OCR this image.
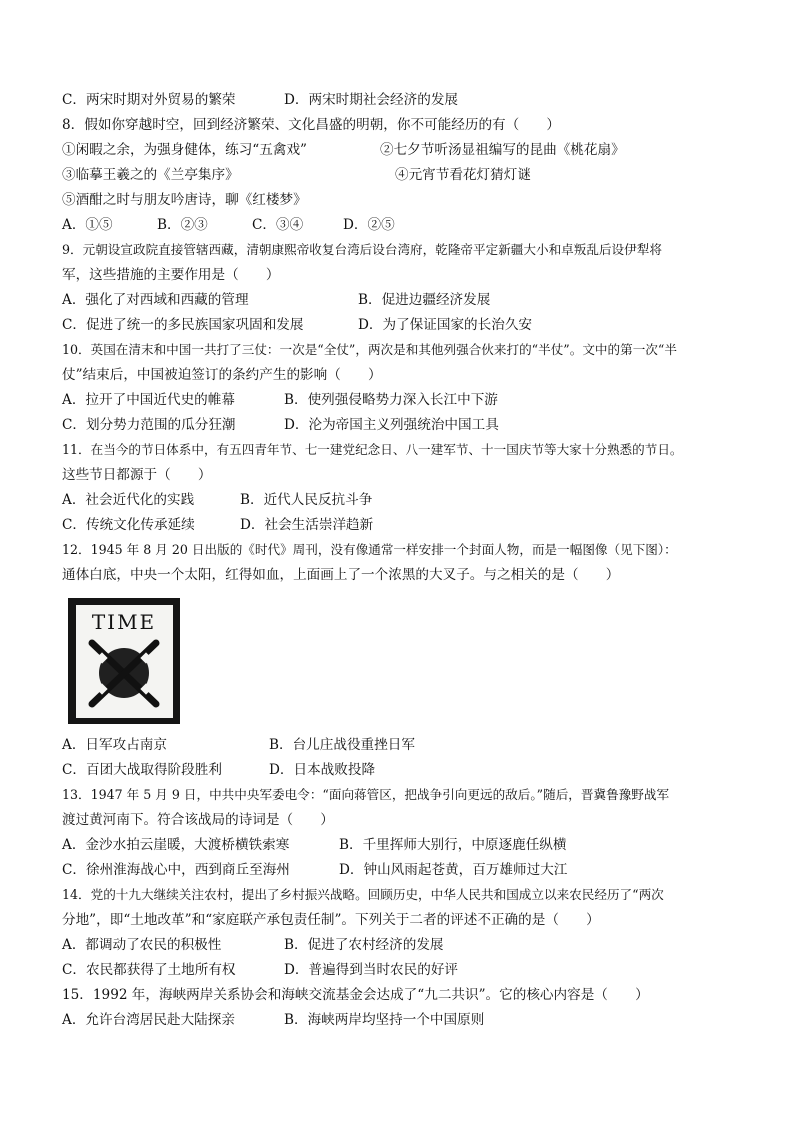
C．两宋时期对外贸易的繁荣	D．两宋时期社会经济的发展
8．假如你穿越时空，回到经济繁荣、文化昌盛的明朝，你不可能经历的有（　　）
①闲暇之余，为强身健体，练习“五禽戏”	②七夕节听汤显祖编写的昆曲《桃花扇》
③临摹王羲之的《兰亭集序》	④元宵节看花灯猜灯谜
⑤酒酣之时与朋友吟唐诗，聊《红楼梦》
A．①⑤	B．②③	C．③④	D．②⑤
9．元朝设宣政院直接管辖西藏，清朝康熙帝收复台湾后设台湾府，乾隆帝平定新疆大小和卓叛乱后设伊犁将
军，这些措施的主要作用是（　　）
A．强化了对西域和西藏的管理	B．促进边疆经济发展
C．促进了统一的多民族国家巩固和发展	D．为了保证国家的长治久安
10．英国在清末和中国一共打了三仗：一次是“全仗”，两次是和其他列强合伙来打的“半仗”。文中的第一次“半
仗”结束后，中国被迫签订的条约产生的影响（　　）
A．拉开了中国近代史的帷幕	B．使列强侵略势力深入长江中下游
C．划分势力范围的瓜分狂潮	D．沦为帝国主义列强统治中国工具
11．在当今的节日体系中，有五四青年节、七一建党纪念日、八一建军节、十一国庆节等大家十分熟悉的节日。
这些节日都源于（　　）
A．社会近代化的实践	B．近代人民反抗斗争
C．传统文化传承延续	D．社会生活崇洋趋新
12．1945 年 8 月 20 日出版的《时代》周刊，没有像通常一样安排一个封面人物，而是一幅图像（见下图）：
通体白底，中央一个太阳，红得如血，上面画上了一个浓黑的大叉子。与之相关的是（　　）
TIME
A．日军攻占南京	B．台儿庄战役重挫日军
C．百团大战取得阶段胜利	D．日本战败投降
13．1947 年 5 月 9 日，中共中央军委电令：“面向蒋管区，把战争引向更远的敌后。”随后，晋冀鲁豫野战军
渡过黄河南下。符合该战局的诗词是（　　）
A．金沙水拍云崖暖，大渡桥横铁索寒	B．千里挥师大别行，中原逐鹿任纵横
C．徐州淮海战心中，西到商丘至海州	D．钟山风雨起苍黄，百万雄师过大江
14．党的十九大继续关注农村，提出了乡村振兴战略。回顾历史，中华人民共和国成立以来农民经历了“两次
分地”，即“土地改革”和“家庭联产承包责任制”。下列关于二者的评述不正确的是（　　）
A．都调动了农民的积极性	B．促进了农村经济的发展
C．农民都获得了土地所有权	D．普遍得到当时农民的好评
15．1992 年，海峡两岸关系协会和海峡交流基金会达成了“九二共识”。它的核心内容是（　　）
A．允许台湾居民赴大陆探亲	B．海峡两岸均坚持一个中国原则
